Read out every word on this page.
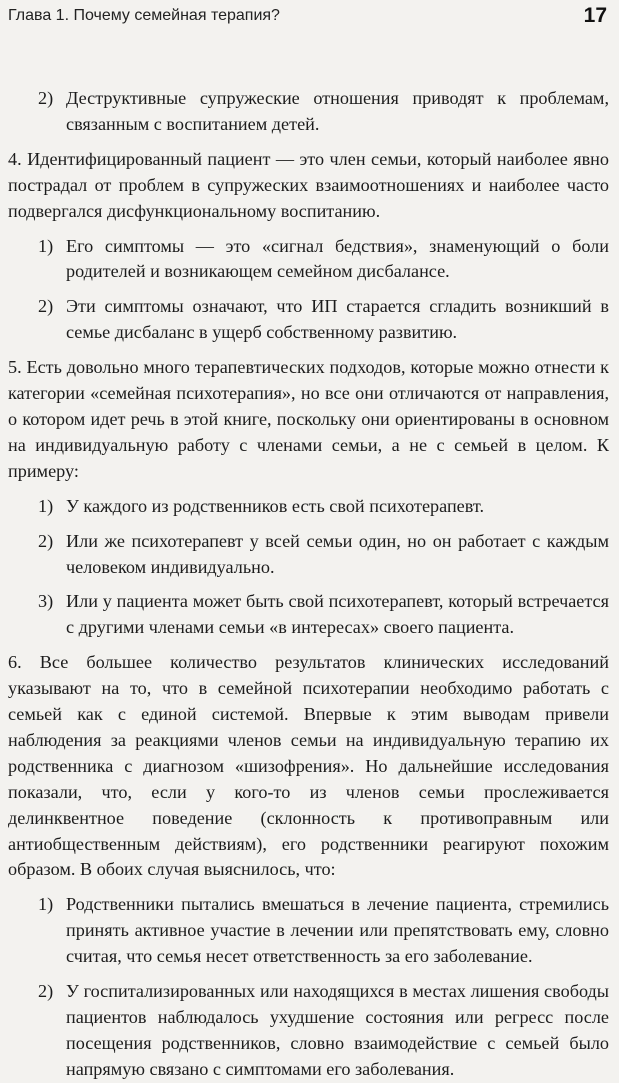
Глава 1. Почему семейная терапия?	17
2) Деструктивные супружеские отношения приводят к проблемам, связанным с воспитанием детей.

4. Идентифицированный пациент — это член семьи, который наиболее явно пострадал от проблем в супружеских взаимоотношениях и наиболее часто подвергался дисфункциональному воспитанию.

1) Его симптомы — это «сигнал бедствия», знаменующий о боли родителей и возникающем семейном дисбалансе.
2) Эти симптомы означают, что ИП старается сгладить возникший в семье дисбаланс в ущерб собственному развитию.

5. Есть довольно много терапевтических подходов, которые можно отнести к категории «семейная психотерапия», но все они отличаются от направления, о котором идет речь в этой книге, поскольку они ориентированы в основном на индивидуальную работу с членами семьи, а не с семьей в целом. К примеру:

1) У каждого из родственников есть свой психотерапевт.
2) Или же психотерапевт у всей семьи один, но он работает с каждым человеком индивидуально.
3) Или у пациента может быть свой психотерапевт, который встречается с другими членами семьи «в интересах» своего пациента.

6. Все большее количество результатов клинических исследований указывают на то, что в семейной психотерапии необходимо работать с семьей как с единой системой. Впервые к этим выводам привели наблюдения за реакциями членов семьи на индивидуальную терапию их родственника с диагнозом «шизофрения». Но дальнейшие исследования показали, что, если у кого-то из членов семьи прослеживается делинквентное поведение (склонность к противоправным или антиобщественным действиям), его родственники реагируют похожим образом. В обоих случая выяснилось, что:

1) Родственники пытались вмешаться в лечение пациента, стремились принять активное участие в лечении или препятствовать ему, словно считая, что семья несет ответственность за его заболевание.
2) У госпитализированных или находящихся в местах лишения свободы пациентов наблюдалось ухудшение состояния или регресс после посещения родственников, словно взаимодействие с семьей было напрямую связано с симптомами его заболевания.
